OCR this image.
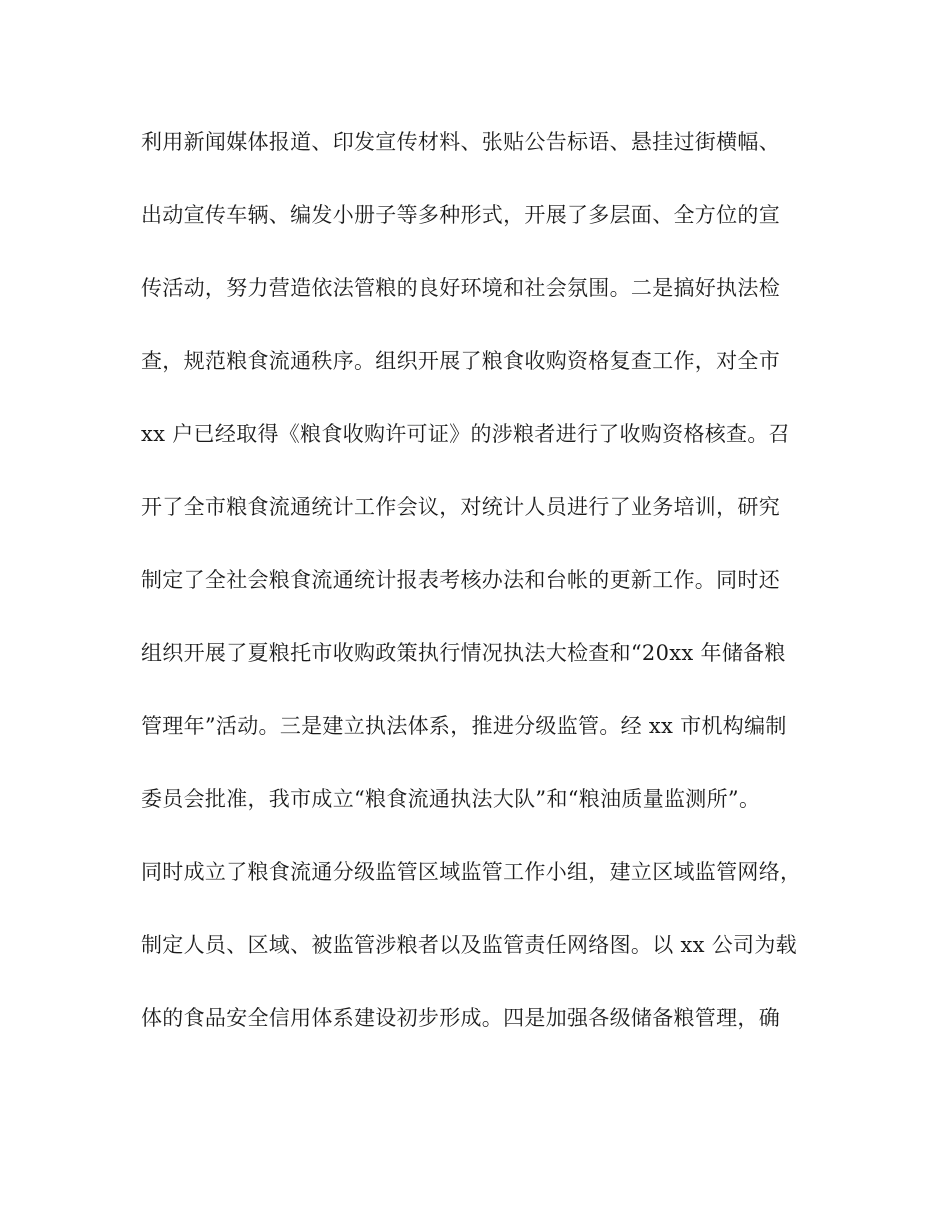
利用新闻媒体报道、印发宣传材料、张贴公告标语、悬挂过街横幅、
出动宣传车辆、编发小册子等多种形式，开展了多层面、全方位的宣
传活动，努力营造依法管粮的良好环境和社会氛围。二是搞好执法检
查，规范粮食流通秩序。组织开展了粮食收购资格复查工作，对全市
xx 户已经取得《粮食收购许可证》的涉粮者进行了收购资格核查。召
开了全市粮食流通统计工作会议，对统计人员进行了业务培训，研究
制定了全社会粮食流通统计报表考核办法和台帐的更新工作。同时还
组织开展了夏粮托市收购政策执行情况执法大检查和“20xx 年储备粮
管理年”活动。三是建立执法体系，推进分级监管。经 xx 市机构编制
委员会批准，我市成立“粮食流通执法大队”和“粮油质量监测所”。
同时成立了粮食流通分级监管区域监管工作小组，建立区域监管网络，
制定人员、区域、被监管涉粮者以及监管责任网络图。以 xx 公司为载
体的食品安全信用体系建设初步形成。四是加强各级储备粮管理，确
